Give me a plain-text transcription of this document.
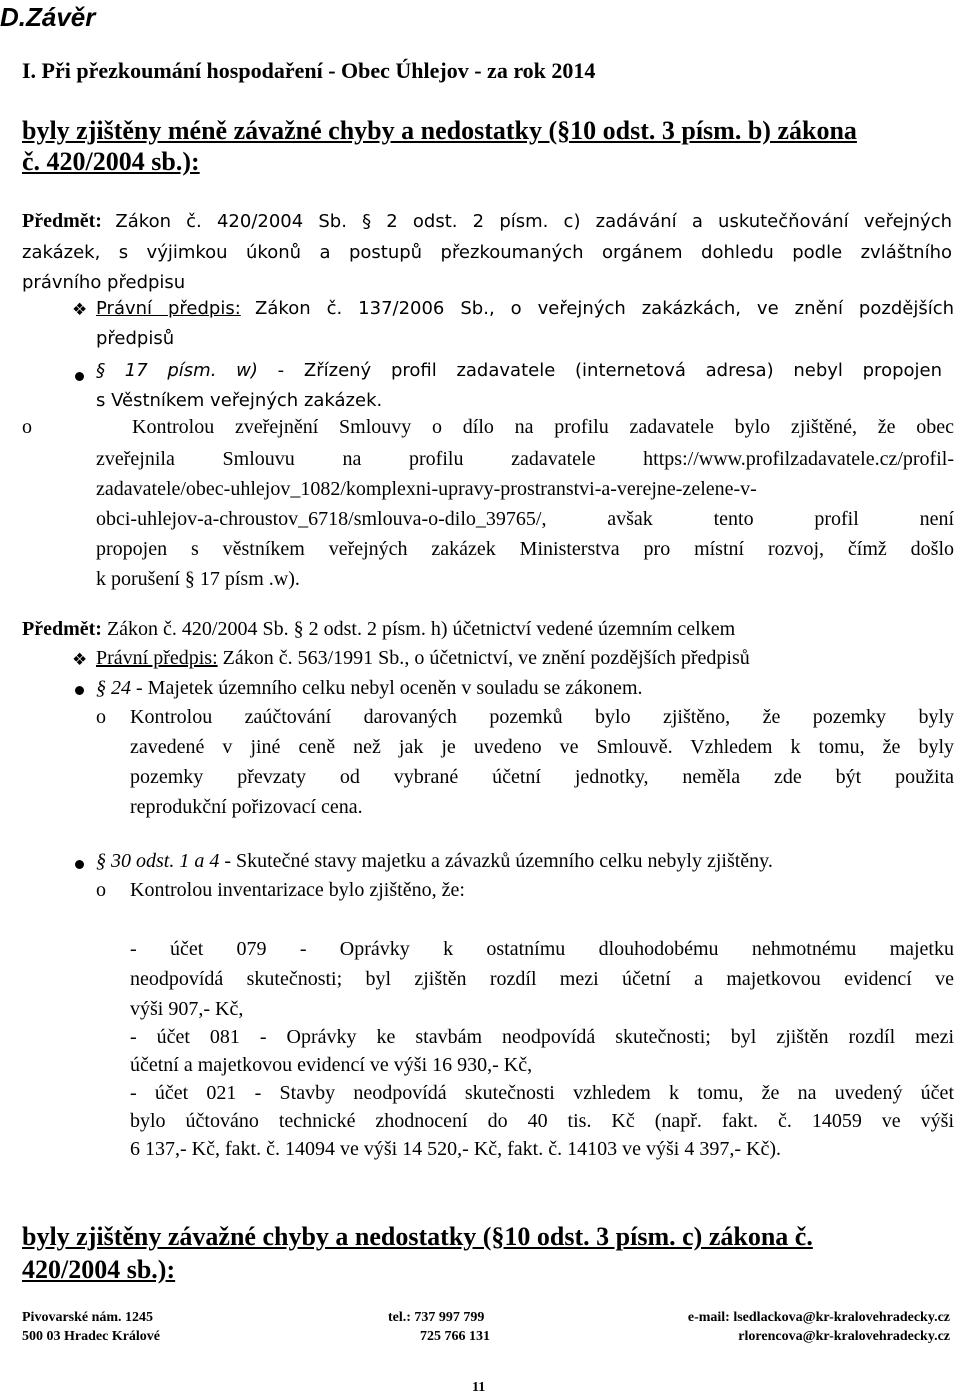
D.Závěr
I. Při přezkoumání hospodaření - Obec Úhlejov - za rok 2014
byly zjištěny méně závažné chyby a nedostatky (§10 odst. 3 písm. b) zákona
č. 420/2004 sb.):
Předmět: Zákon č. 420/2004 Sb. § 2 odst. 2 písm. c) zadávání a uskutečňování veřejných
zakázek, s výjimkou úkonů a postupů přezkoumaných orgánem dohledu podle zvláštního
právního předpisu
❖ Právní předpis: Zákon č. 137/2006 Sb., o veřejných zakázkách, ve znění pozdějších
předpisů
§ 17 písm. w) - Zřízený profil zadavatele (internetová adresa) nebyl propojen
s Věstníkem veřejných zakázek.
o	Kontrolou zveřejnění Smlouvy o dílo na profilu zadavatele bylo zjištěné, že obec
zveřejnila Smlouvu na profilu zadavatele https://www.profilzadavatele.cz/profil-
zadavatele/obec-uhlejov_1082/komplexni-upravy-prostranstvi-a-verejne-zelene-v-
obci-uhlejov-a-chroustov_6718/smlouva-o-dilo_39765/, avšak tento profil není
propojen s věstníkem veřejných zakázek Ministerstva pro místní rozvoj, čímž došlo
k porušení § 17 písm .w).
Předmět: Zákon č. 420/2004 Sb. § 2 odst. 2 písm. h) účetnictví vedené územním celkem
❖ Právní předpis: Zákon č. 563/1991 Sb., o účetnictví, ve znění pozdějších předpisů
§ 24 - Majetek územního celku nebyl oceněn v souladu se zákonem.
o Kontrolou zaúčtování darovaných pozemků bylo zjištěno, že pozemky byly
zavedené v jiné ceně než jak je uvedeno ve Smlouvě. Vzhledem k tomu, že byly
pozemky převzaty od vybrané účetní jednotky, neměla zde být použita
reprodukční pořizovací cena.
§ 30 odst. 1 a 4 - Skutečné stavy majetku a závazků územního celku nebyly zjištěny.
o Kontrolou inventarizace bylo zjištěno, že:
- účet 079 - Oprávky k ostatnímu dlouhodobému nehmotnému majetku
neodpovídá skutečnosti; byl zjištěn rozdíl mezi účetní a majetkovou evidencí ve
výši 907,- Kč,
- účet 081 - Oprávky ke stavbám neodpovídá skutečnosti; byl zjištěn rozdíl mezi
účetní a majetkovou evidencí ve výši 16 930,- Kč,
- účet 021 - Stavby neodpovídá skutečnosti vzhledem k tomu, že na uvedený účet
bylo účtováno technické zhodnocení do 40 tis. Kč (např. fakt. č. 14059 ve výši
6 137,- Kč, fakt. č. 14094 ve výši 14 520,- Kč, fakt. č. 14103 ve výši 4 397,- Kč).
byly zjištěny závažné chyby a nedostatky (§10 odst. 3 písm. c) zákona č.
420/2004 sb.):
Pivovarské nám. 1245
500 03 Hradec Králové
tel.: 737 997 799
725 766 131
e-mail: lsedlackova@kr-kralovehradecky.cz
rlorencova@kr-kralovehradecky.cz
11
